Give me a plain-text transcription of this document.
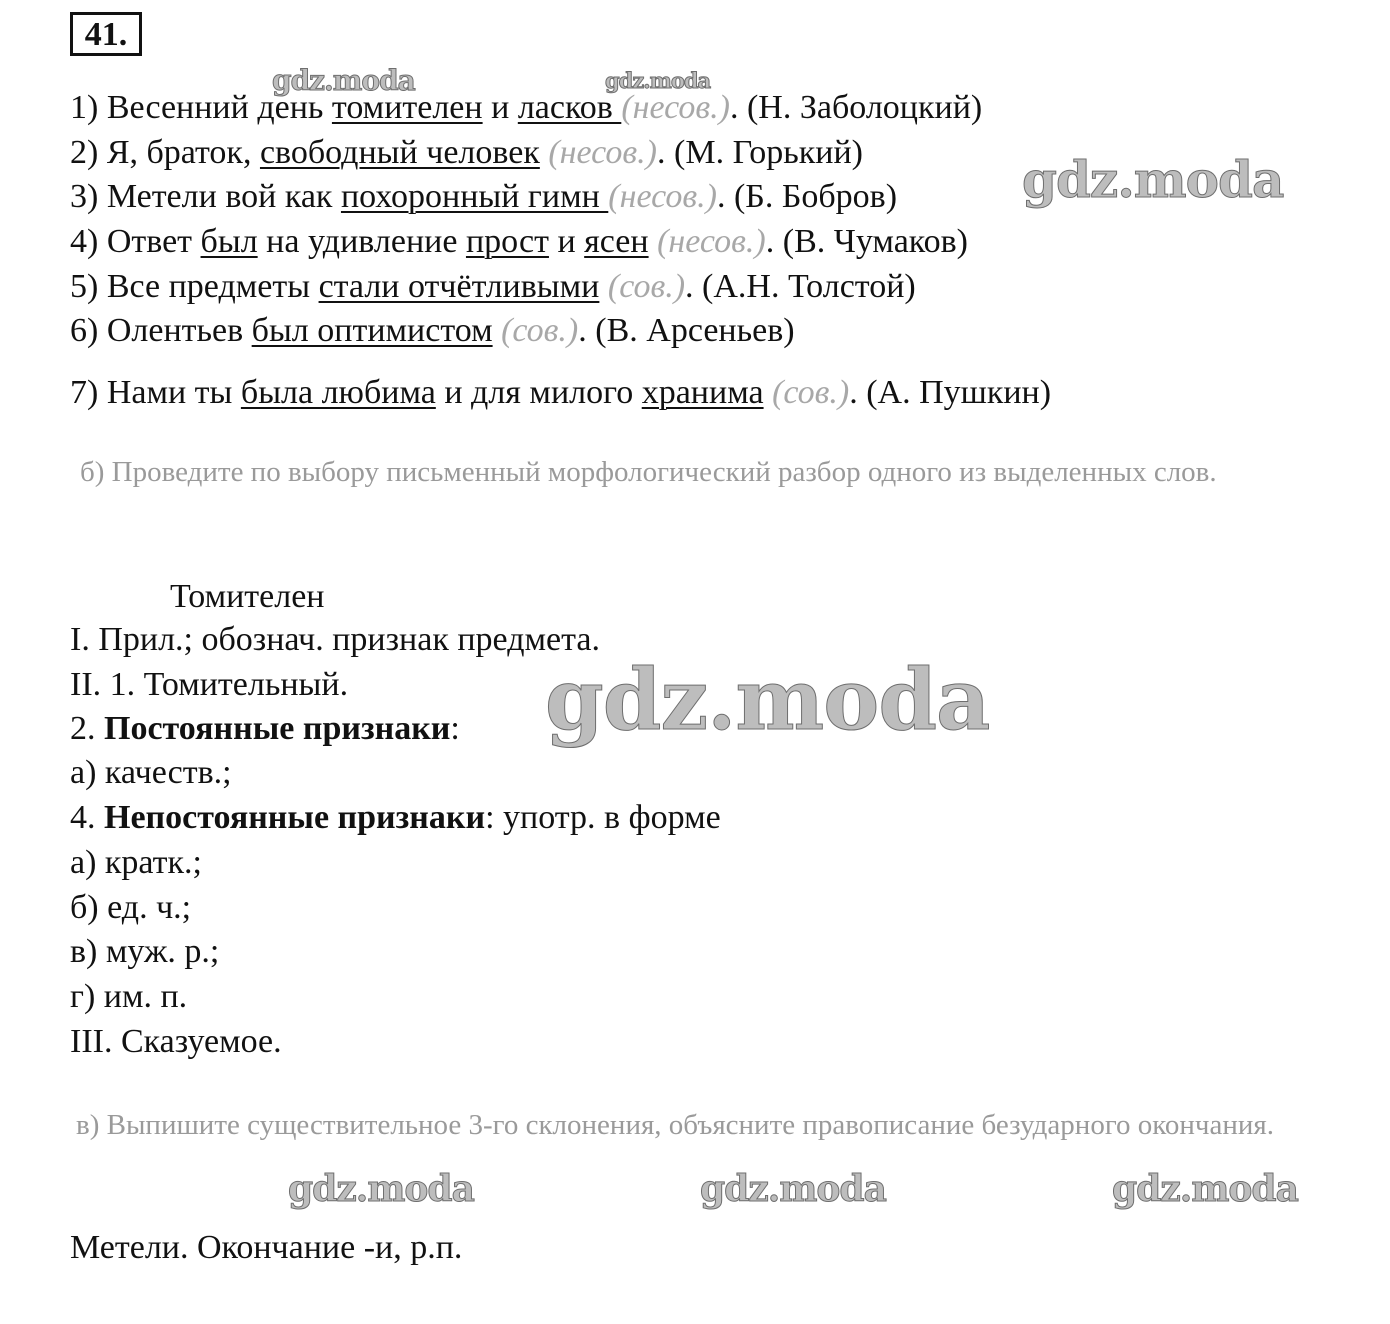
41.
gdz.moda	gdz.moda
gdz.moda
gdz.moda
gdz.moda	gdz.moda	gdz.moda
1) Весенний день томителен и ласков (несов.). (Н. Заболоцкий)
2) Я, браток, свободный человек (несов.). (М. Горький)
3) Метели вой как похоронный гимн (несов.). (Б. Бобров)
4) Ответ был на удивление прост и ясен (несов.). (В. Чумаков)
5) Все предметы стали отчётливыми (сов.). (А.Н. Толстой)
6) Олентьев был оптимистом (сов.). (В. Арсеньев)
7) Нами ты была любима и для милого хранима (сов.). (А. Пушкин)
б) Проведите по выбору письменный морфологический разбор одного из выделенных слов.
Томителен
I. Прил.; обознач. признак предмета.
II. 1. Томительный.
2. Постоянные признаки:
а) качеств.;
4. Непостоянные признаки: употр. в форме
а) кратк.;
б) ед. ч.;
в) муж. р.;
г) им. п.
III. Сказуемое.
в) Выпишите существительное 3-го склонения, объясните правописание безударного окончания.
Метели. Окончание -и, р.п.
